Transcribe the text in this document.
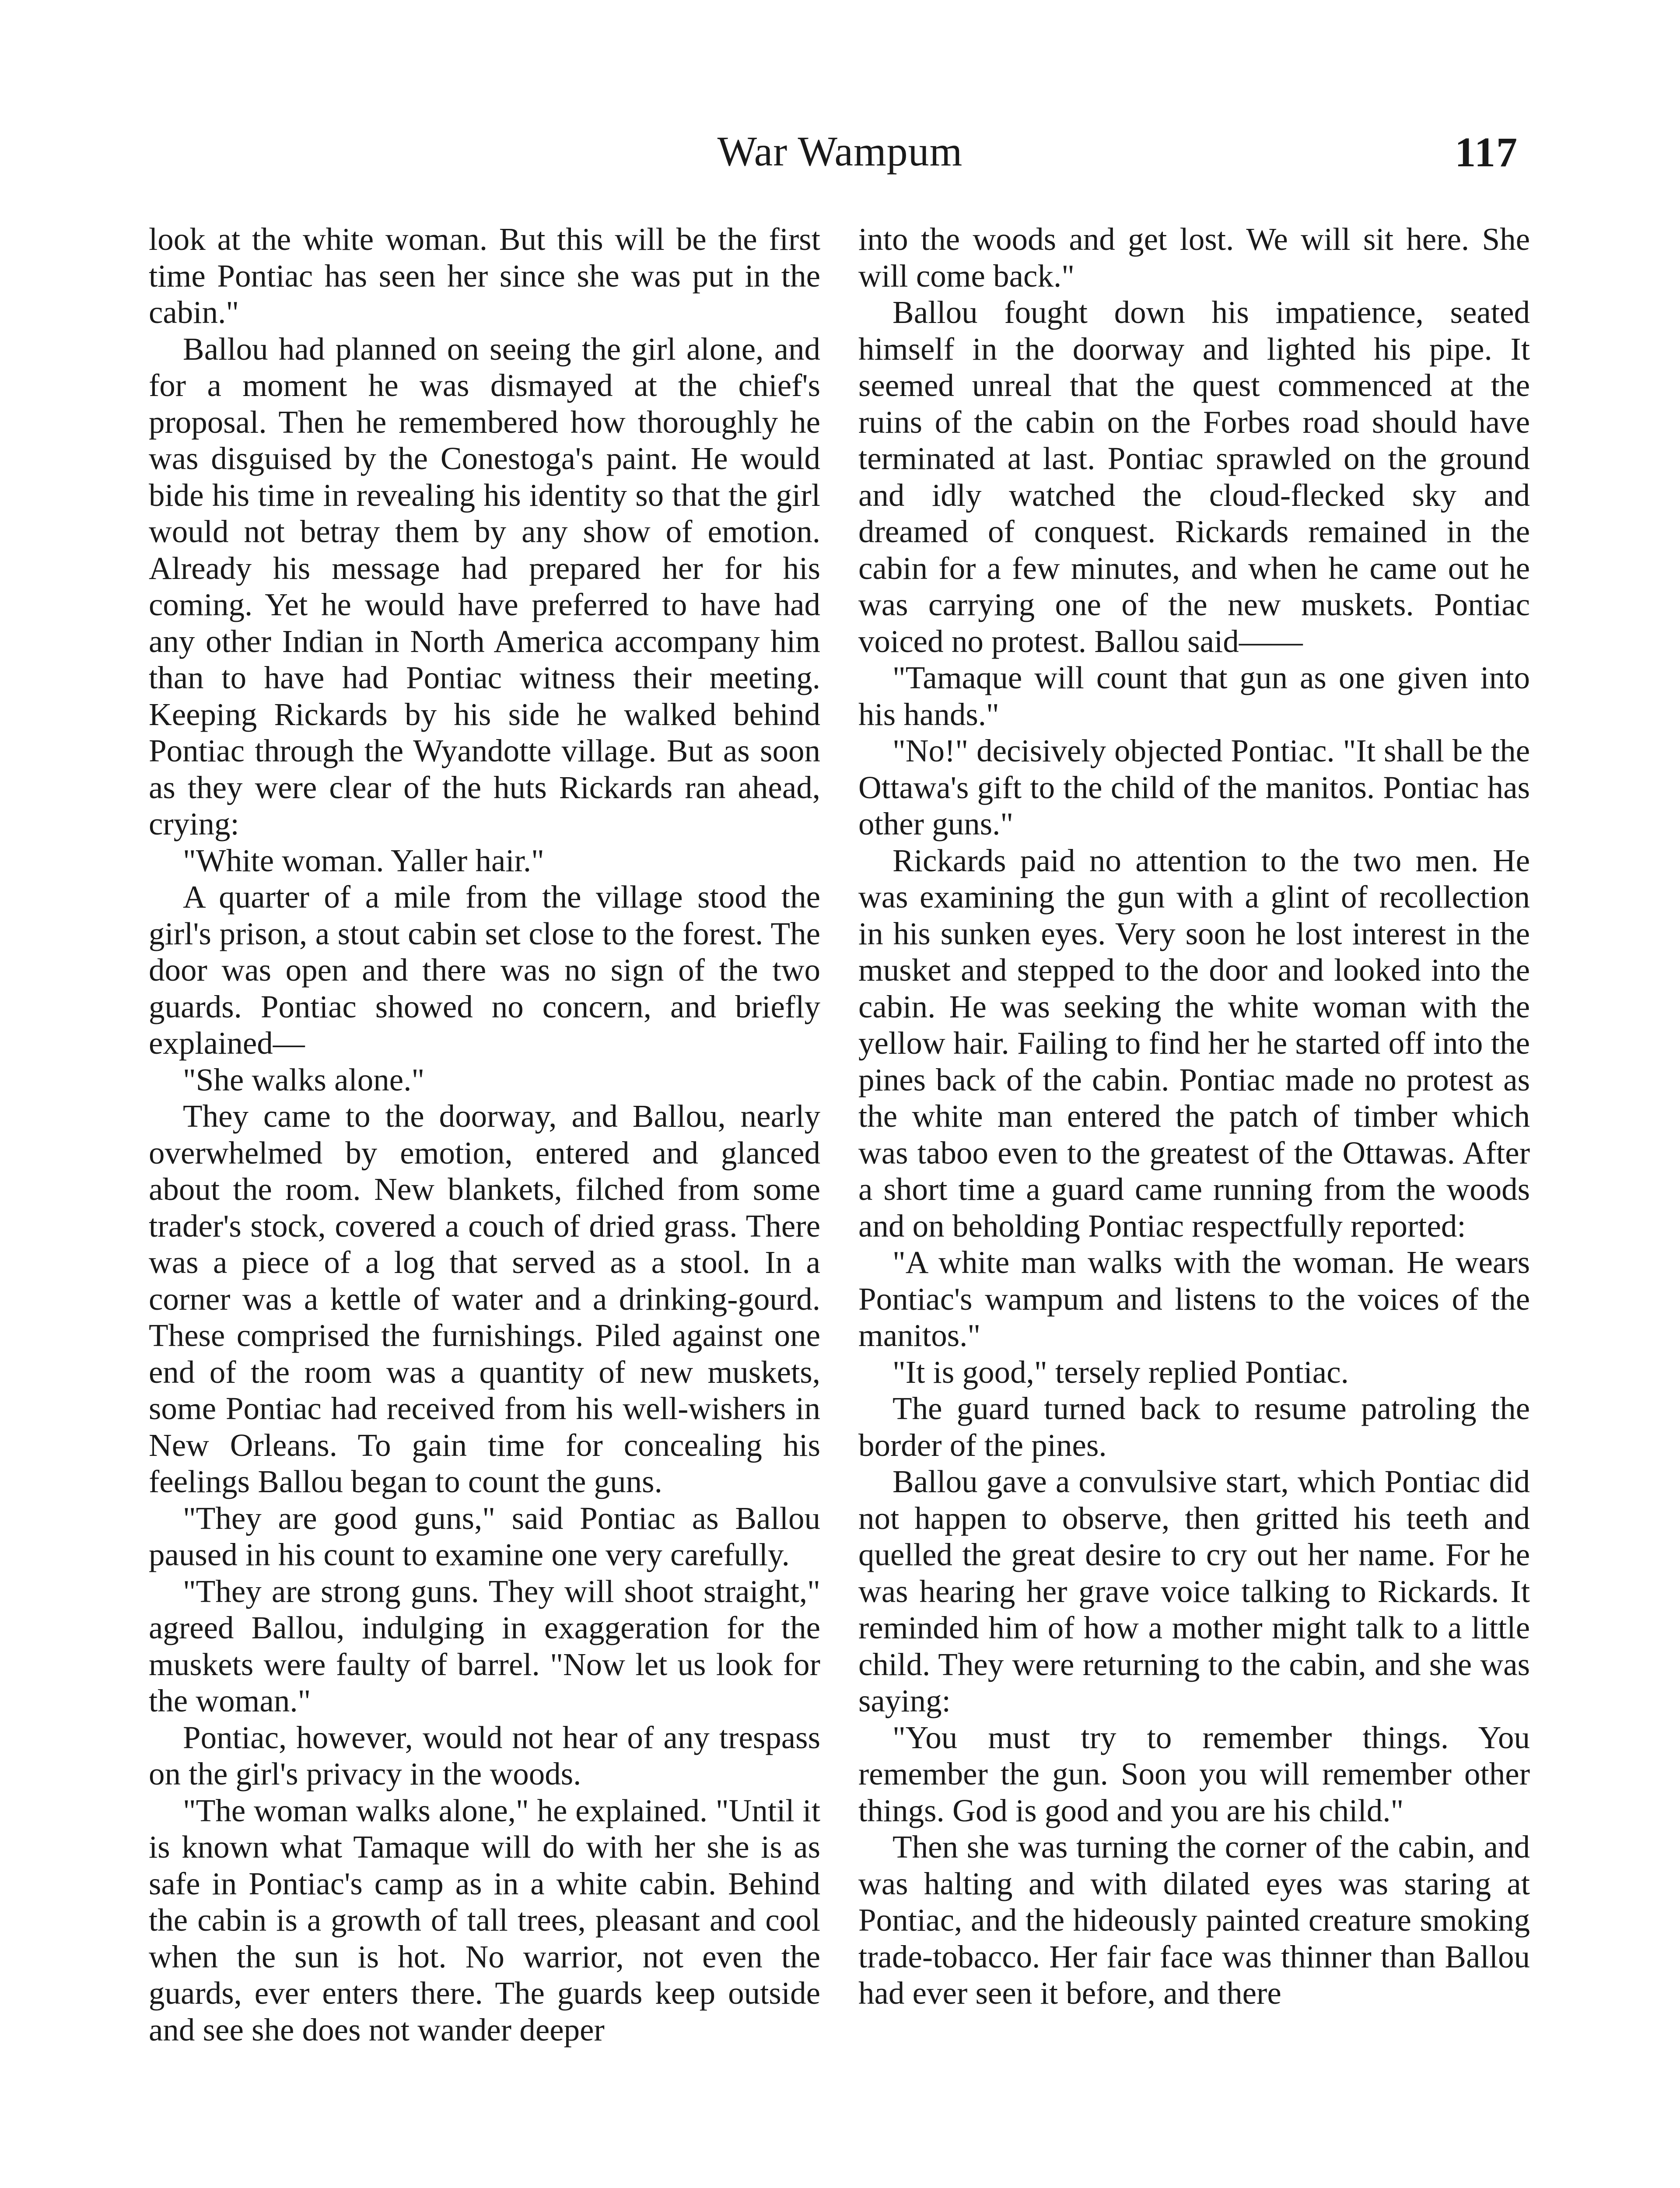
War Wampum	117

look at the white woman. But this will be the first time Pontiac has seen her since she was put in the cabin."

Ballou had planned on seeing the girl alone, and for a moment he was dismayed at the chief's proposal. Then he remembered how thoroughly he was disguised by the Conestoga's paint. He would bide his time in revealing his identity so that the girl would not betray them by any show of emotion. Already his message had prepared her for his coming. Yet he would have preferred to have had any other Indian in North America accompany him than to have had Pontiac witness their meeting. Keeping Rickards by his side he walked behind Pontiac through the Wyandotte village. But as soon as they were clear of the huts Rickards ran ahead, crying:

"White woman. Yaller hair."

A quarter of a mile from the village stood the girl's prison, a stout cabin set close to the forest. The door was open and there was no sign of the two guards. Pontiac showed no concern, and briefly explained—

"She walks alone."

They came to the doorway, and Ballou, nearly overwhelmed by emotion, entered and glanced about the room. New blankets, filched from some trader's stock, covered a couch of dried grass. There was a piece of a log that served as a stool. In a corner was a kettle of water and a drinking-gourd. These comprised the furnishings. Piled against one end of the room was a quantity of new muskets, some Pontiac had received from his well-wishers in New Orleans. To gain time for concealing his feelings Ballou began to count the guns.

"They are good guns," said Pontiac as Ballou paused in his count to examine one very carefully.

"They are strong guns. They will shoot straight," agreed Ballou, indulging in exaggeration for the muskets were faulty of barrel. "Now let us look for the woman."

Pontiac, however, would not hear of any trespass on the girl's privacy in the woods.

"The woman walks alone," he explained. "Until it is known what Tamaque will do with her she is as safe in Pontiac's camp as in a white cabin. Behind the cabin is a growth of tall trees, pleasant and cool when the sun is hot. No warrior, not even the guards, ever enters there. The guards keep outside and see she does not wander deeper

into the woods and get lost. We will sit here. She will come back."

Ballou fought down his impatience, seated himself in the doorway and lighted his pipe. It seemed unreal that the quest commenced at the ruins of the cabin on the Forbes road should have terminated at last. Pontiac sprawled on the ground and idly watched the cloud-flecked sky and dreamed of conquest. Rickards remained in the cabin for a few minutes, and when he came out he was carrying one of the new muskets. Pontiac voiced no protest. Ballou said——

"Tamaque will count that gun as one given into his hands."

"No!" decisively objected Pontiac. "It shall be the Ottawa's gift to the child of the manitos. Pontiac has other guns."

Rickards paid no attention to the two men. He was examining the gun with a glint of recollection in his sunken eyes. Very soon he lost interest in the musket and stepped to the door and looked into the cabin. He was seeking the white woman with the yellow hair. Failing to find her he started off into the pines back of the cabin. Pontiac made no protest as the white man entered the patch of timber which was taboo even to the greatest of the Ottawas. After a short time a guard came running from the woods and on beholding Pontiac respectfully reported:

"A white man walks with the woman. He wears Pontiac's wampum and listens to the voices of the manitos."

"It is good," tersely replied Pontiac.

The guard turned back to resume patroling the border of the pines.

Ballou gave a convulsive start, which Pontiac did not happen to observe, then gritted his teeth and quelled the great desire to cry out her name. For he was hearing her grave voice talking to Rickards. It reminded him of how a mother might talk to a little child. They were returning to the cabin, and she was saying:

"You must try to remember things. You remember the gun. Soon you will remember other things. God is good and you are his child."

Then she was turning the corner of the cabin, and was halting and with dilated eyes was staring at Pontiac, and the hideously painted creature smoking trade-tobacco. Her fair face was thinner than Ballou had ever seen it before, and there
